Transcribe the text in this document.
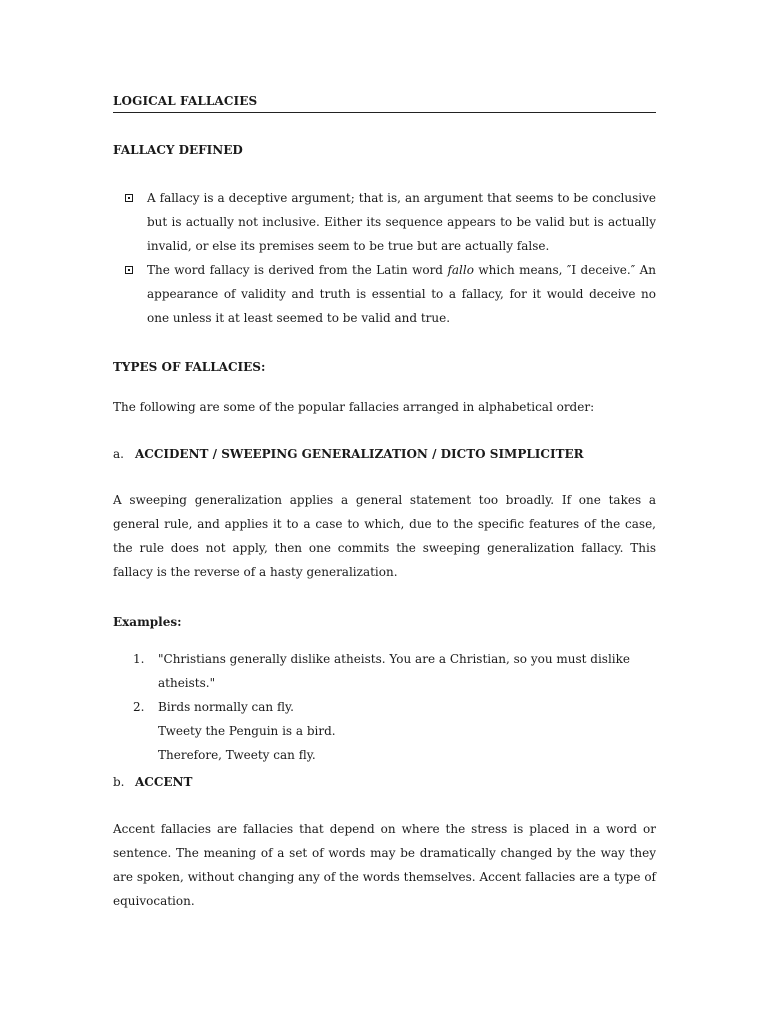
LOGICAL FALLACIES
FALLACY DEFINED
A fallacy is a deceptive argument; that is, an argument that seems to be conclusive but is actually not inclusive. Either its sequence appears to be valid but is actually invalid, or else its premises seem to be true but are actually false.
The word fallacy is derived from the Latin word fallo which means, ″I deceive.″ An appearance of validity and truth is essential to a fallacy, for it would deceive no one unless it at least seemed to be valid and true.
TYPES OF FALLACIES:
The following are some of the popular fallacies arranged in alphabetical order:
a. ACCIDENT / SWEEPING GENERALIZATION / DICTO SIMPLICITER
A sweeping generalization applies a general statement too broadly. If one takes a general rule, and applies it to a case to which, due to the specific features of the case, the rule does not apply, then one commits the sweeping generalization fallacy. This fallacy is the reverse of a hasty generalization.
Examples:
1. "Christians generally dislike atheists. You are a Christian, so you must dislike atheists."
2. Birds normally can fly.
Tweety the Penguin is a bird.
Therefore, Tweety can fly.
b. ACCENT
Accent fallacies are fallacies that depend on where the stress is placed in a word or sentence. The meaning of a set of words may be dramatically changed by the way they are spoken, without changing any of the words themselves. Accent fallacies are a type of equivocation.
